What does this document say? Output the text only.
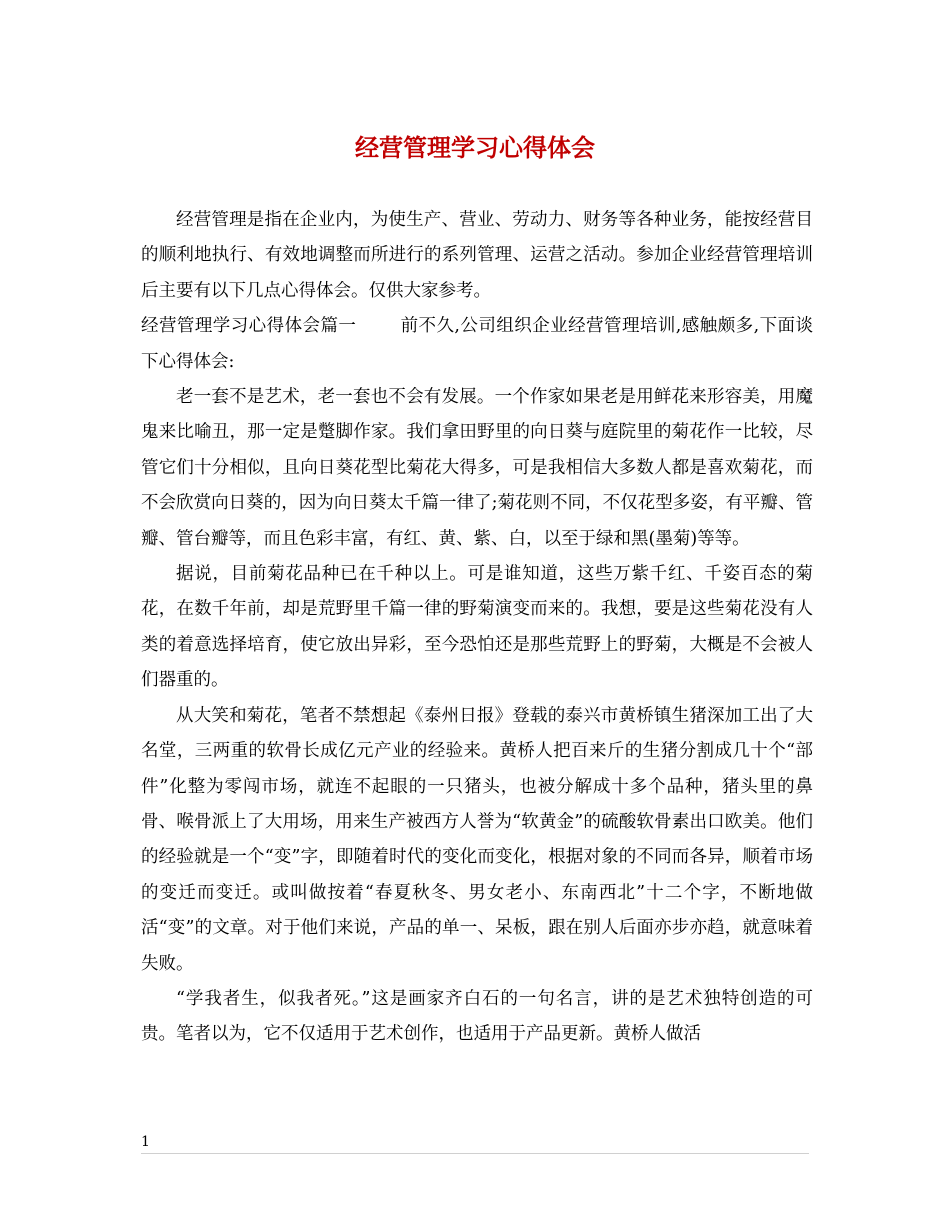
经营管理学习心得体会

经营管理是指在企业内，为使生产、营业、劳动力、财务等各种业务，能按经营目的顺利地执行、有效地调整而所进行的系列管理、运营之活动。参加企业经营管理培训后主要有以下几点心得体会。仅供大家参考。

经营管理学习心得体会篇一	前不久,公司组织企业经营管理培训,感触颇多,下面谈下心得体会:

老一套不是艺术，老一套也不会有发展。一个作家如果老是用鲜花来形容美，用魔鬼来比喻丑，那一定是蹩脚作家。我们拿田野里的向日葵与庭院里的菊花作一比较，尽管它们十分相似，且向日葵花型比菊花大得多，可是我相信大多数人都是喜欢菊花，而不会欣赏向日葵的，因为向日葵太千篇一律了;菊花则不同，不仅花型多姿，有平瓣、管瓣、管台瓣等，而且色彩丰富，有红、黄、紫、白，以至于绿和黑(墨菊)等等。

据说，目前菊花品种已在千种以上。可是谁知道，这些万紫千红、千姿百态的菊花，在数千年前，却是荒野里千篇一律的野菊演变而来的。我想，要是这些菊花没有人类的着意选择培育，使它放出异彩，至今恐怕还是那些荒野上的野菊，大概是不会被人们器重的。

从大笑和菊花，笔者不禁想起《泰州日报》登载的泰兴市黄桥镇生猪深加工出了大名堂，三两重的软骨长成亿元产业的经验来。黄桥人把百来斤的生猪分割成几十个“部件”化整为零闯市场，就连不起眼的一只猪头，也被分解成十多个品种，猪头里的鼻骨、喉骨派上了大用场，用来生产被西方人誉为“软黄金”的硫酸软骨素出口欧美。他们的经验就是一个“变”字，即随着时代的变化而变化，根据对象的不同而各异，顺着市场的变迁而变迁。或叫做按着“春夏秋冬、男女老小、东南西北”十二个字，不断地做活“变”的文章。对于他们来说，产品的单一、呆板，跟在别人后面亦步亦趋，就意味着失败。

“学我者生，似我者死。”这是画家齐白石的一句名言，讲的是艺术独特创造的可贵。笔者以为，它不仅适用于艺术创作，也适用于产品更新。黄桥人做活

1
